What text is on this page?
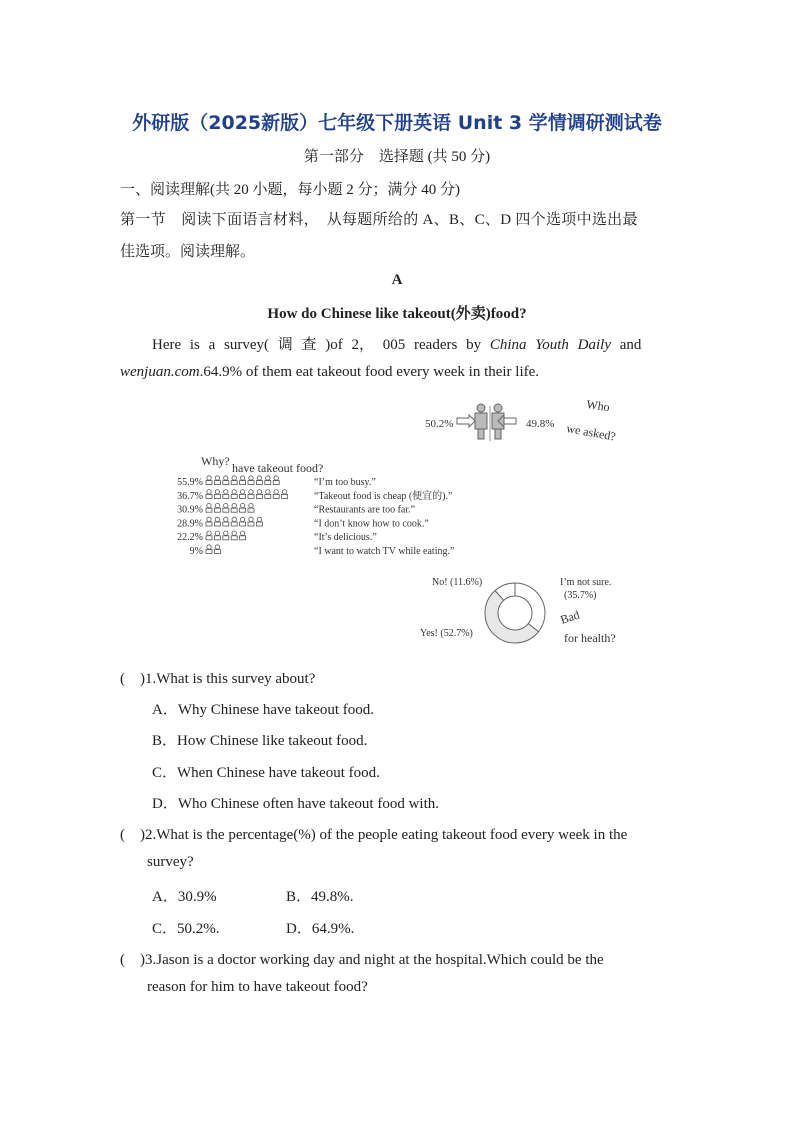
外研版（2025新版）七年级下册英语 Unit 3 学情调研测试卷
第一部分　选择题 (共 50 分)
一、阅读理解(共 20 小题，每小题 2 分；满分 40 分)
第一节　阅读下面语言材料，　从每题所给的 A、B、C、D 四个选项中选出最
佳选项。阅读理解。
A
How do Chinese like takeout(外卖)food?
Here is a survey( 调 查 )of 2， 005 readers by China Youth Daily and
wenjuan.com.64.9% of them eat takeout food every week in their life.
50.2%	49.8%
Who
we asked?
Why? have takeout food?
55.9%	“I’m too busy.”
36.7%	“Takeout food is cheap (便宜的).”
30.9%	“Restaurants are too far.”
28.9%	“I don’t know how to cook.”
22.2%	“It’s delicious.”
9%	“I want to watch TV while eating.”
No! (11.6%)	I’m not sure.
(35.7%)
Yes! (52.7%)
Bad
for health?
(　)1.What is this survey about?
A．Why Chinese have takeout food.
B．How Chinese like takeout food.
C．When Chinese have takeout food.
D．Who Chinese often have takeout food with.
(　)2.What is the percentage(%) of the people eating takeout food every week in the
survey?
A．30.9%	B．49.8%.
C．50.2%.	D．64.9%.
(　)3.Jason is a doctor working day and night at the hospital.Which could be the
reason for him to have takeout food?
